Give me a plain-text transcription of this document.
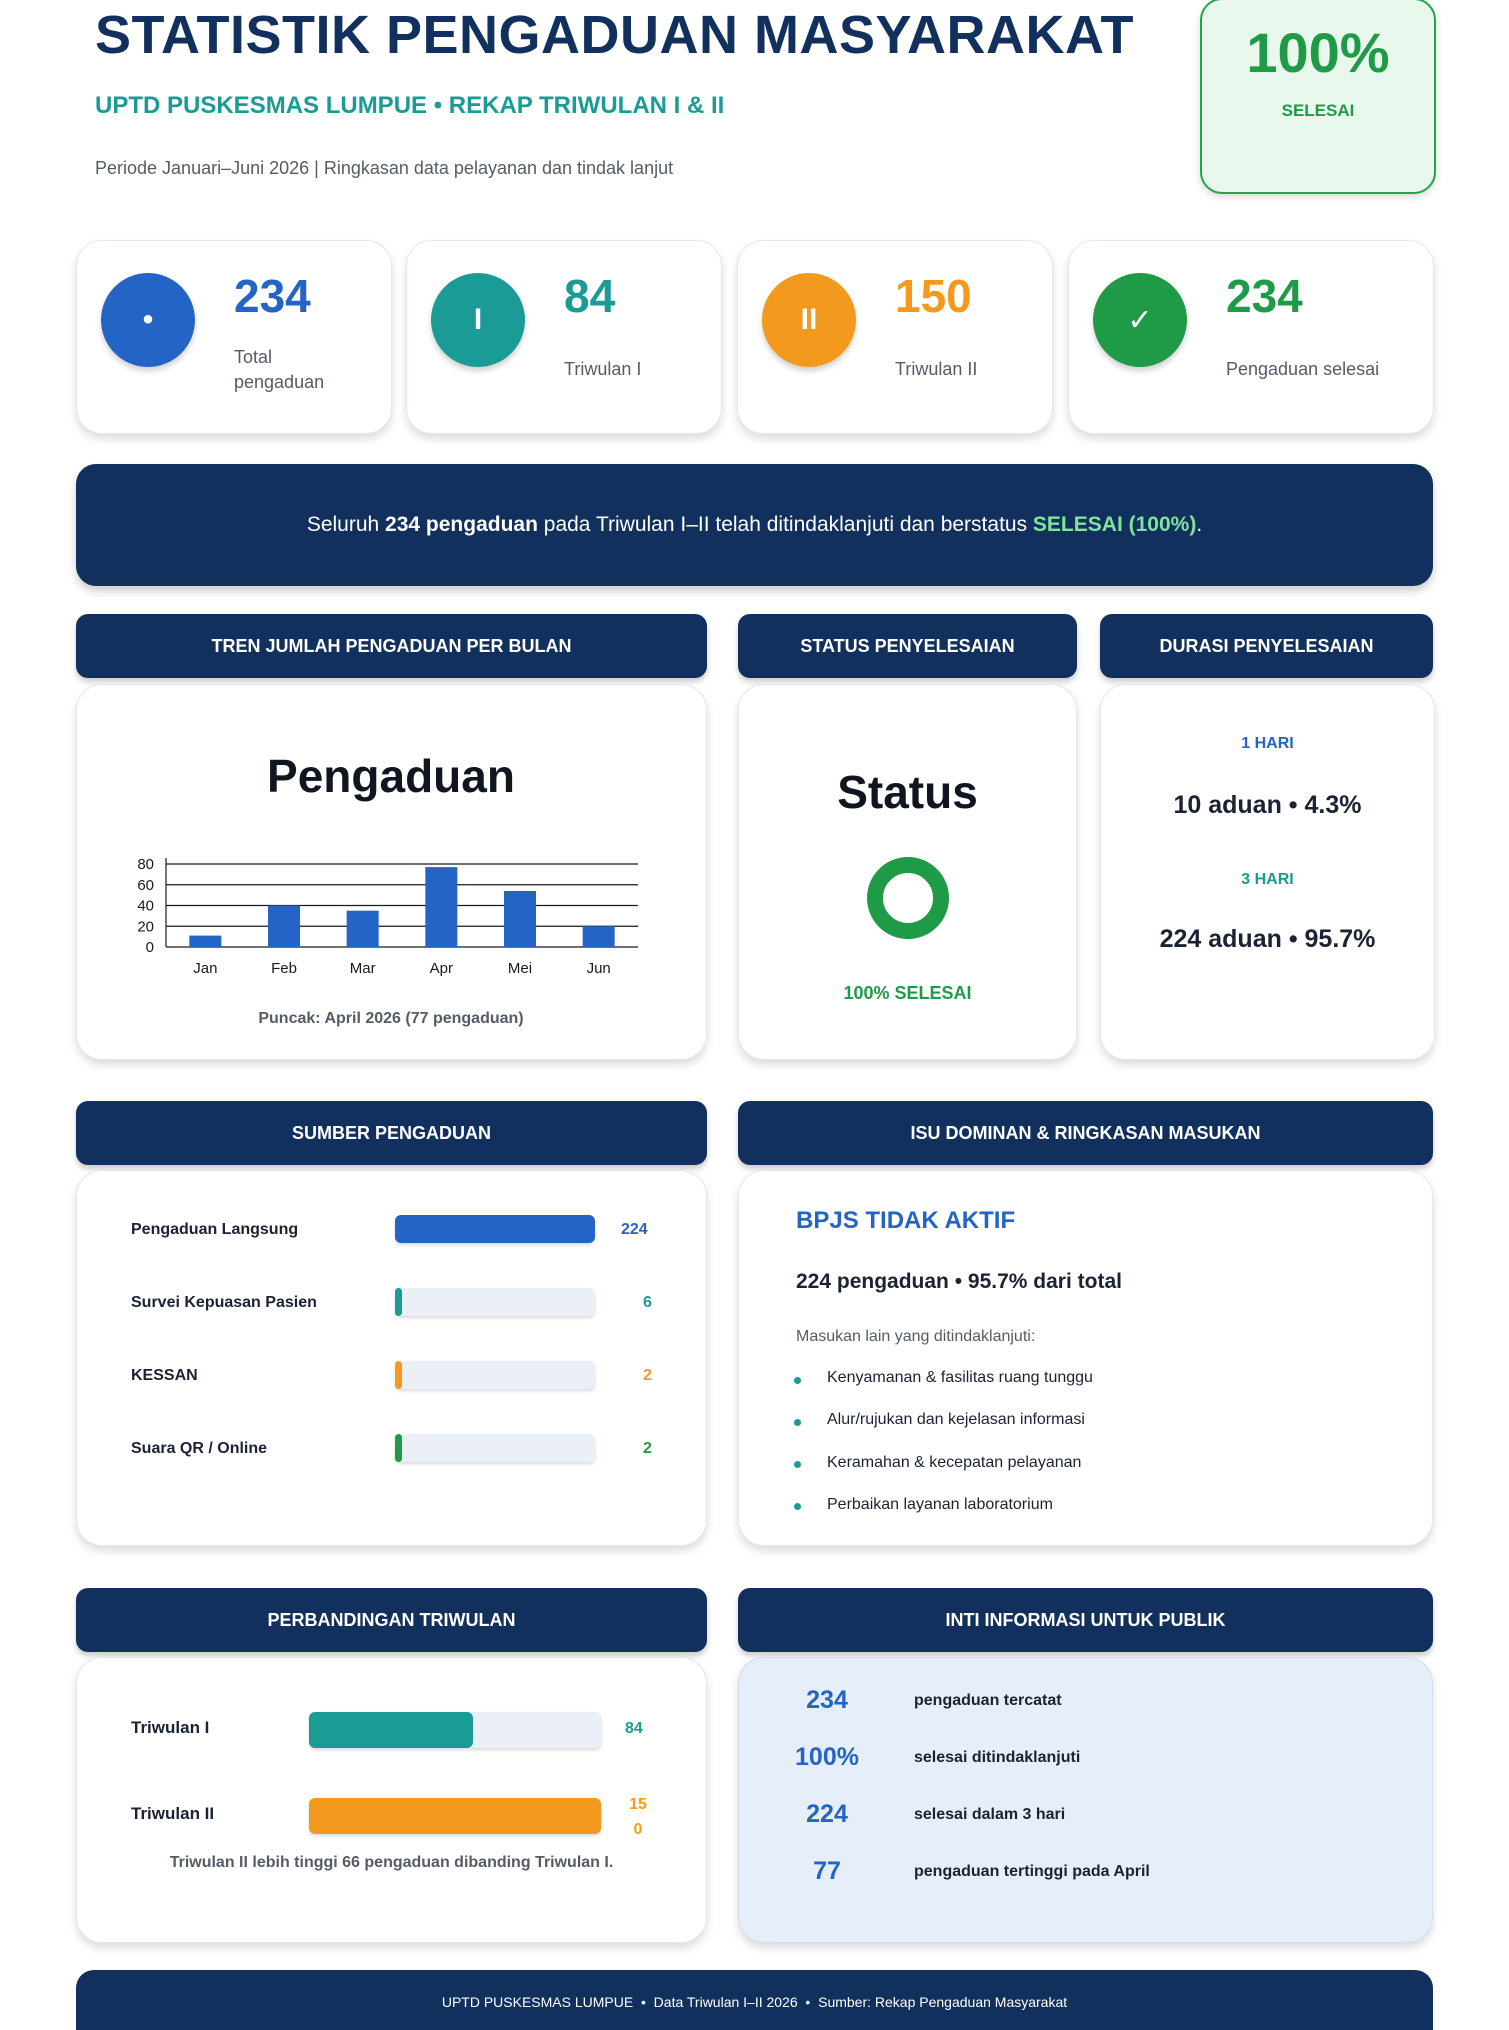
STATISTIK PENGADUAN MASYARAKAT
UPTD PUSKESMAS LUMPUE • REKAP TRIWULAN I & II
Periode Januari–Juni 2026 | Ringkasan data pelayanan dan tindak lanjut
100%
SELESAI
•	234
Total pengaduan
I	84
Triwulan I
II	150
Triwulan II
✓	234
Pengaduan selesai
Seluruh 234 pengaduan pada Triwulan I–II telah ditindaklanjuti dan berstatus SELESAI (100%) .
TREN JUMLAH PENGADUAN PER BULAN	STATUS PENYELESAIAN	DURASI PENYELESAIAN
Pengaduan
0
20
40
60
80
Jan	Feb	Mar	Apr	Mei	Jun
Puncak: April 2026 (77 pengaduan)
Status
100% SELESAI
1 HARI
10 aduan • 4.3%
3 HARI
224 aduan • 95.7%
SUMBER PENGADUAN	ISU DOMINAN & RINGKASAN MASUKAN
Pengaduan Langsung	224
Survei Kepuasan Pasien	6
KESSAN	2
Suara QR / Online	2
BPJS TIDAK AKTIF
224 pengaduan • 95.7% dari total
Masukan lain yang ditindaklanjuti:
Kenyamanan & fasilitas ruang tunggu
Alur/rujukan dan kejelasan informasi
Keramahan & kecepatan pelayanan
Perbaikan layanan laboratorium
PERBANDINGAN TRIWULAN	INTI INFORMASI UNTUK PUBLIK
Triwulan I	84
Triwulan II	15
0
Triwulan II lebih tinggi 66 pengaduan dibanding Triwulan I.
234	pengaduan tercatat
100%	selesai ditindaklanjuti
224	selesai dalam 3 hari
77	pengaduan tertinggi pada April
UPTD PUSKESMAS LUMPUE  •  Data Triwulan I–II 2026  •  Sumber: Rekap Pengaduan Masyarakat
